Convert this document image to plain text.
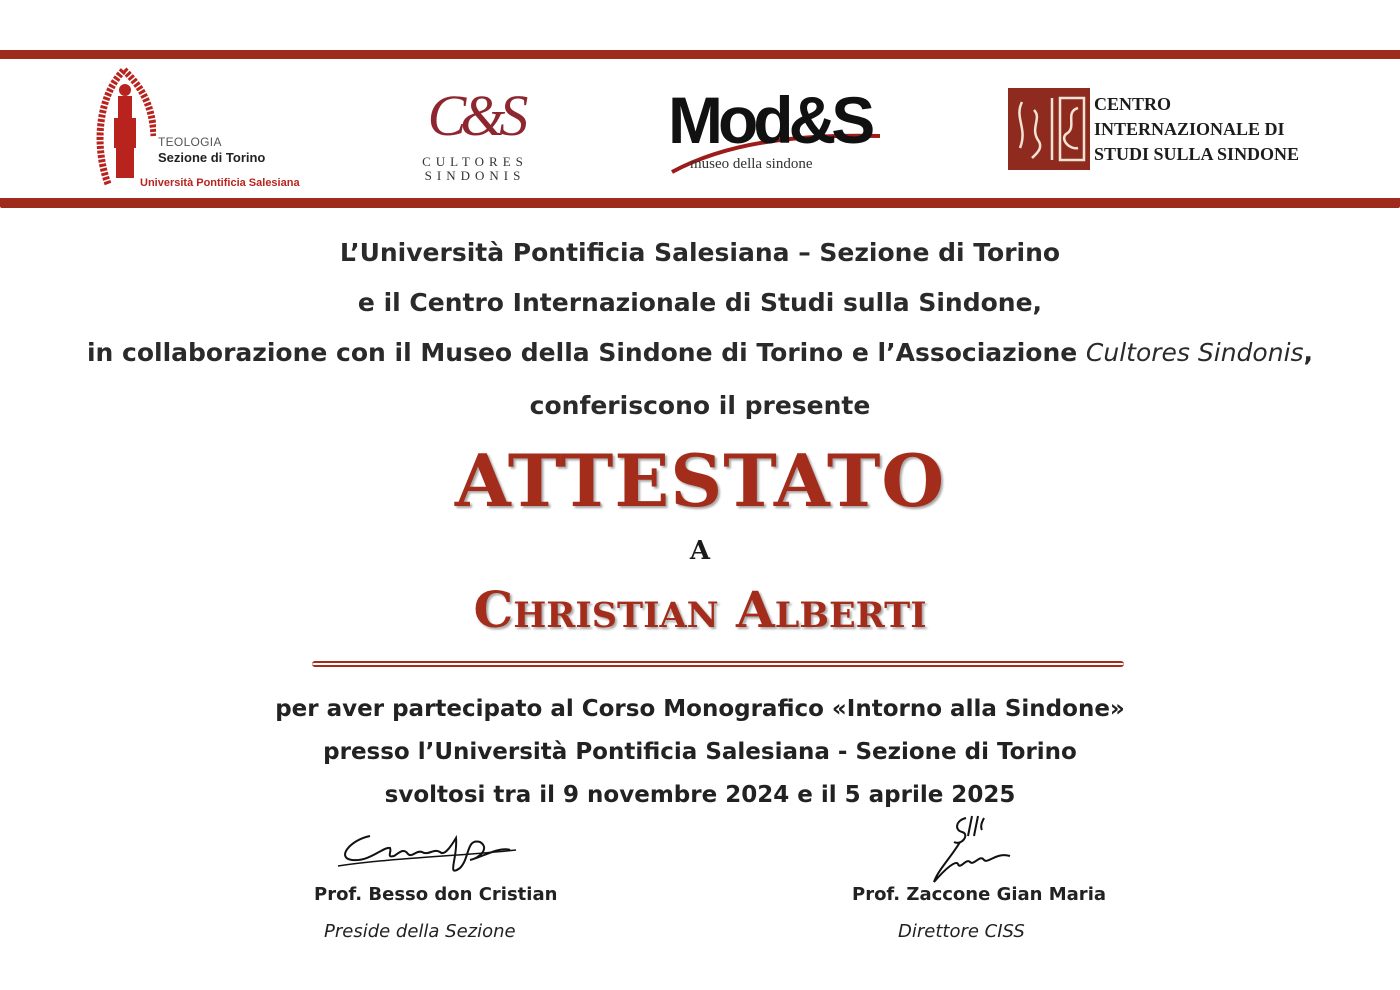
TEOLOGIA
Sezione di Torino
Università Pontificia Salesiana
C&S
CULTORES
SINDONIS
Mod&S
museo della sindone
CENTRO
INTERNAZIONALE DI
STUDI SULLA SINDONE
L’Università Pontificia Salesiana – Sezione di Torino
e il Centro Internazionale di Studi sulla Sindone,
in collaborazione con il Museo della Sindone di Torino e l’Associazione Cultores Sindonis,
conferiscono il presente
ATTESTATO
A
Christian Alberti
per aver partecipato al Corso Monografico «Intorno alla Sindone»
presso l’Università Pontificia Salesiana - Sezione di Torino
svoltosi tra il 9 novembre 2024 e il 5 aprile 2025
Prof. Besso don Cristian
Preside della Sezione
Prof. Zaccone Gian Maria
Direttore CISS
